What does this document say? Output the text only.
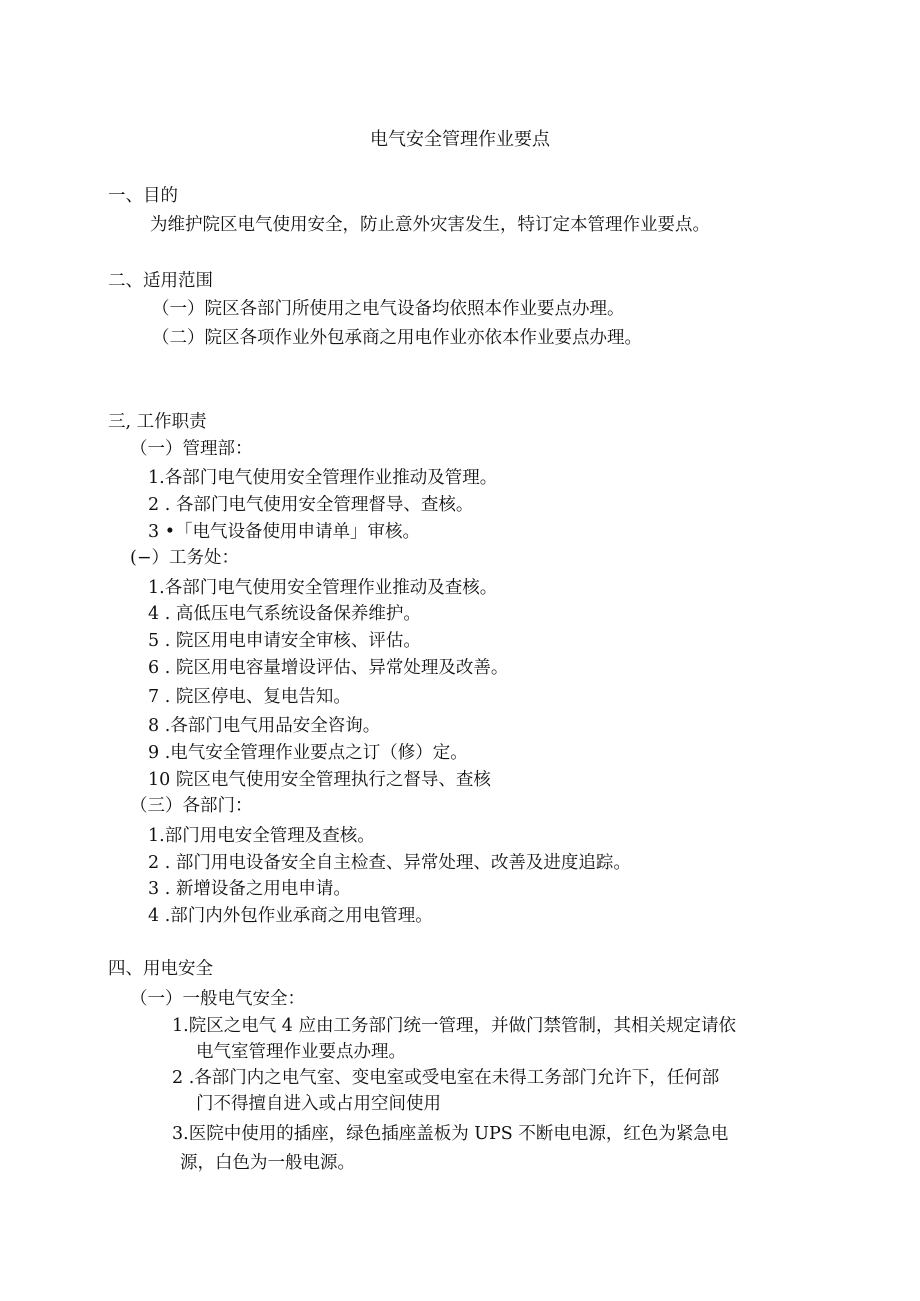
电气安全管理作业要点

一、目的

为维护院区电气使用安全，防止意外灾害发生，特订定本管理作业要点。

二、适用范围

（一）院区各部门所使用之电气设备均依照本作业要点办理。

（二）院区各项作业外包承商之用电作业亦依本作业要点办理。

三, 工作职责

（一）管理部：

1.各部门电气使用安全管理作业推动及管理。

2 . 各部门电气使用安全管理督导、查核。

3 •「电气设备使用申请单」审核。

(−）工务处：

1.各部门电气使用安全管理作业推动及查核。

4 . 高低压电气系统设备保养维护。

5 . 院区用电申请安全审核、评估。

6 . 院区用电容量增设评估、异常处理及改善。

7 . 院区停电、复电告知。

8 .各部门电气用品安全咨询。

9 .电气安全管理作业要点之订（修）定。

10 院区电气使用安全管理执行之督导、查核

（三）各部门：

1.部门用电安全管理及查核。

2 . 部门用电设备安全自主检查、异常处理、改善及进度追踪。

3 . 新增设备之用电申请。

4 .部门内外包作业承商之用电管理。

四、用电安全

（一）一般电气安全：

1.院区之电气 4 应由工务部门统一管理，并做门禁管制，其相关规定请依

电气室管理作业要点办理。

2 .各部门内之电气室、变电室或受电室在未得工务部门允许下，任何部

门不得擅自进入或占用空间使用

3.医院中使用的插座，绿色插座盖板为 UPS 不断电电源，红色为紧急电

源，白色为一般电源。
